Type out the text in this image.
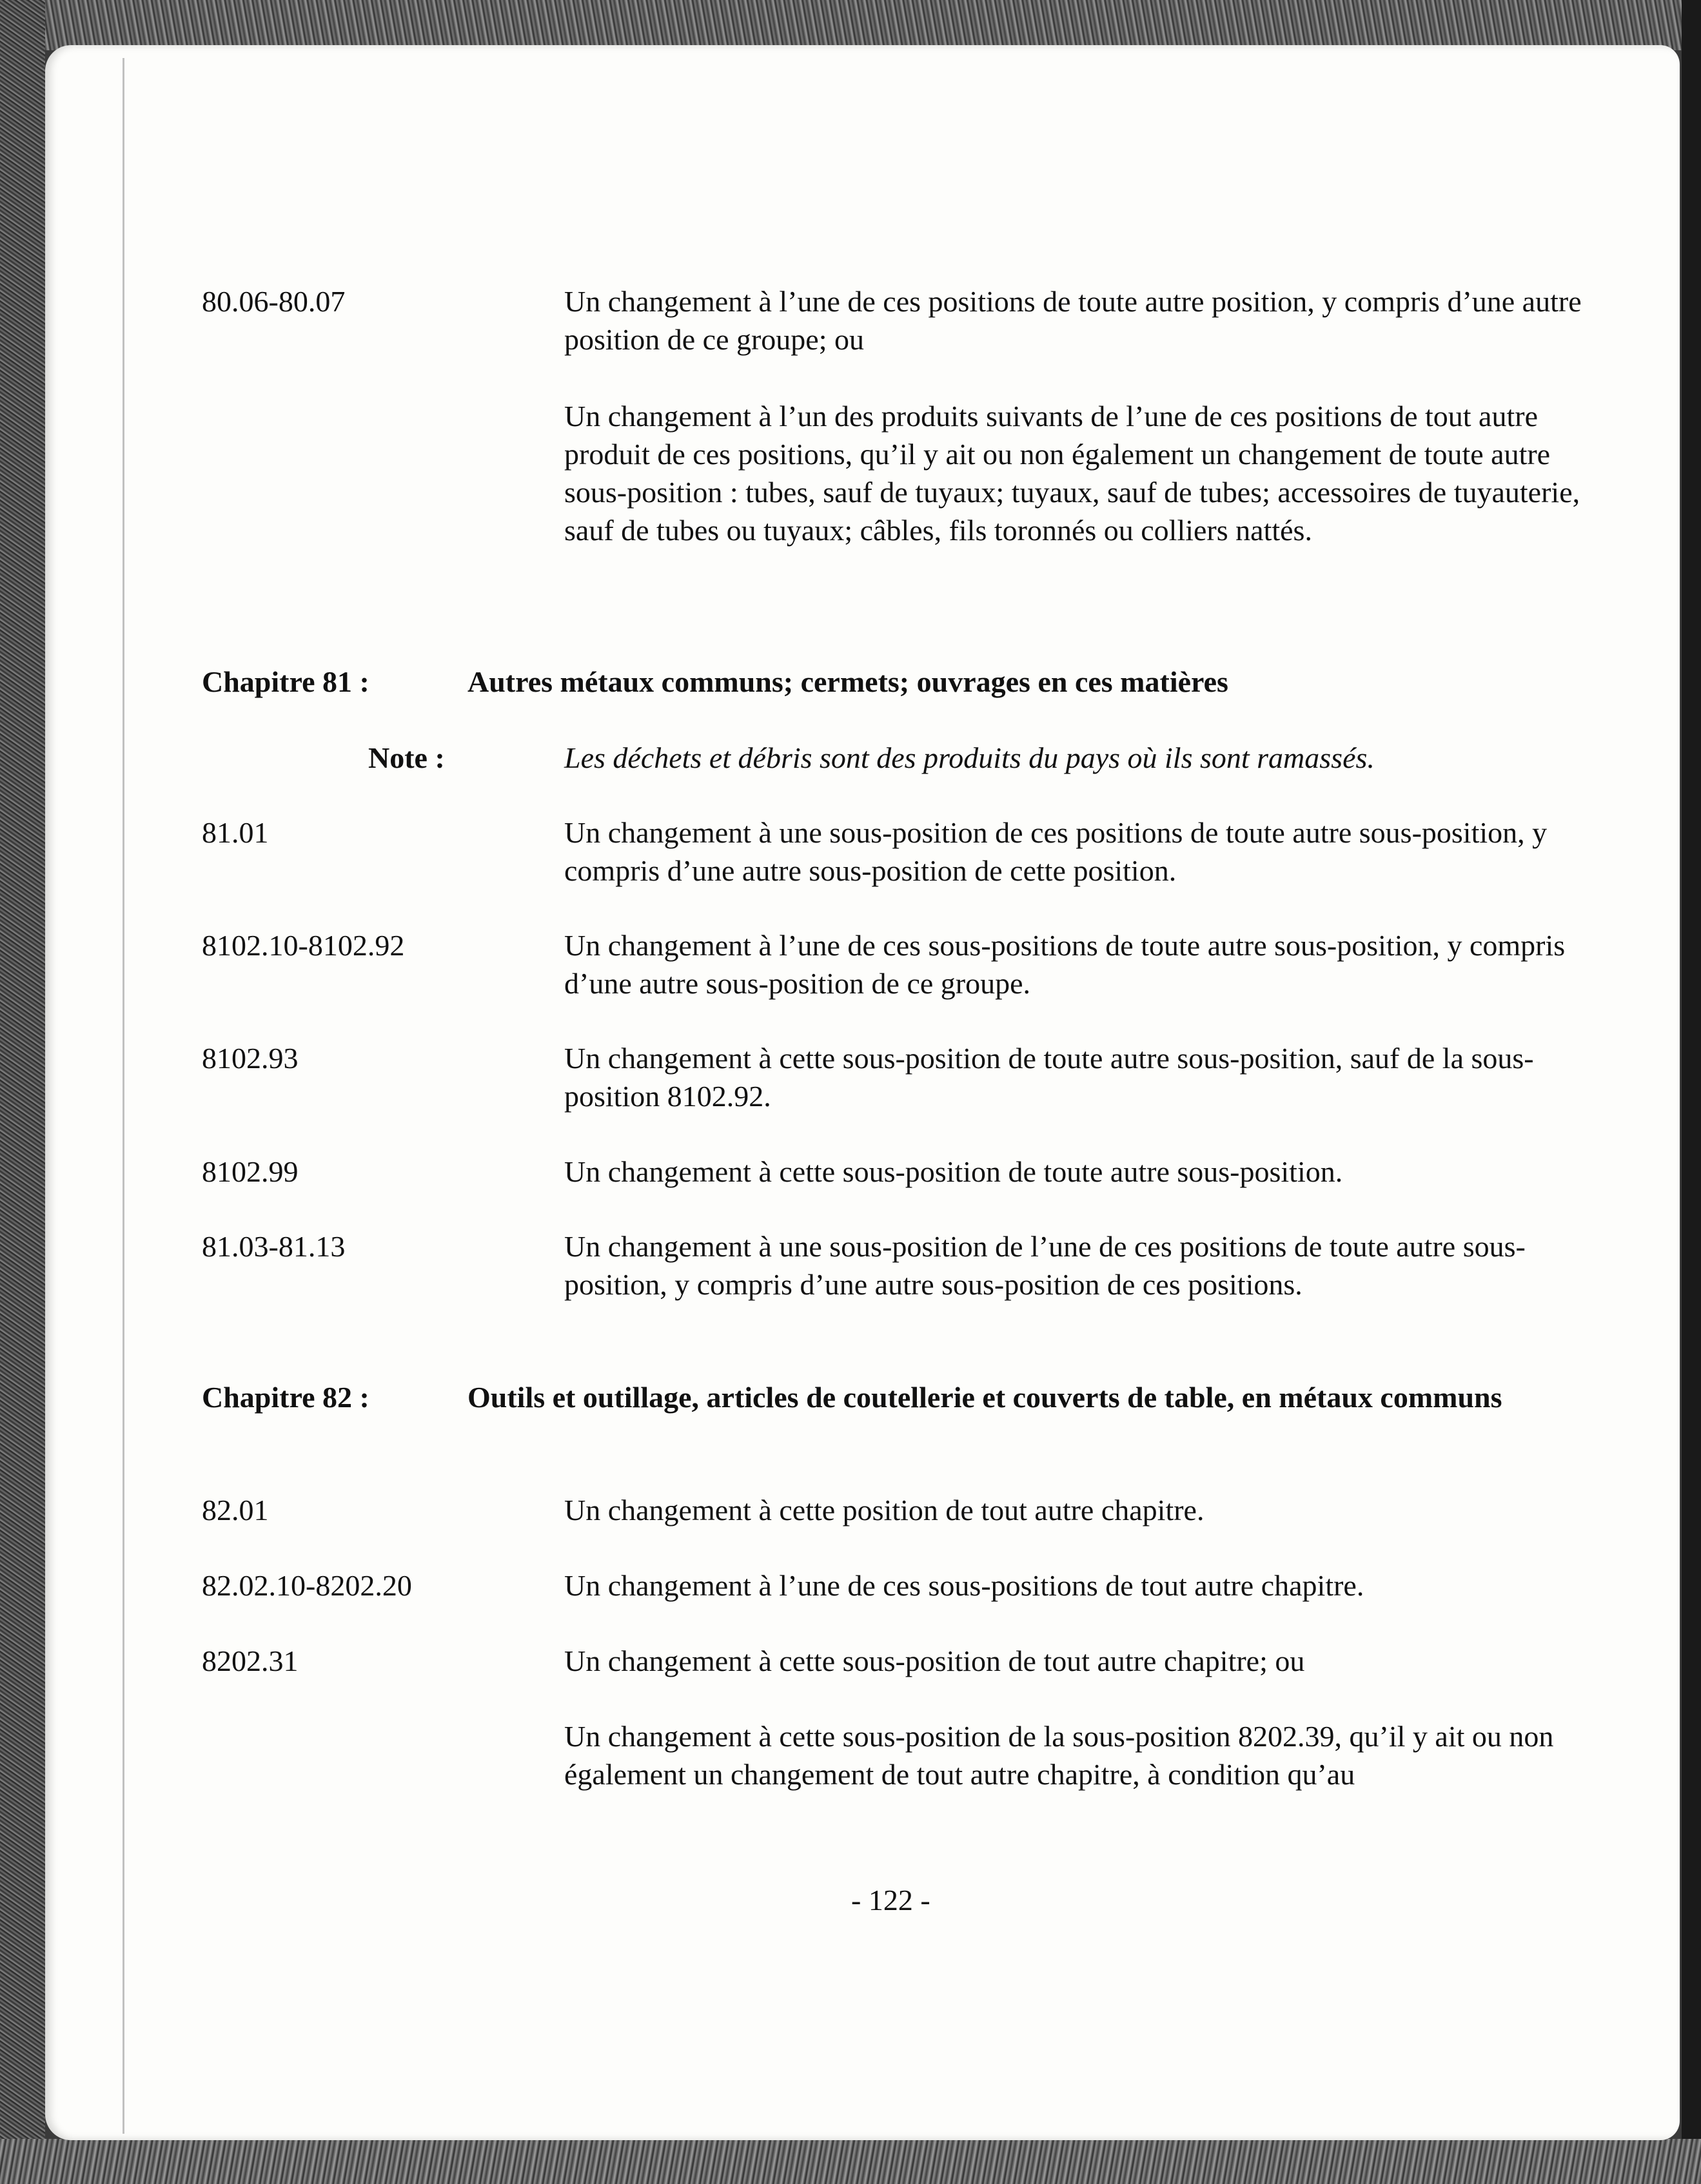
80.06-80.07	Un changement à l’une de ces positions de toute autre position, y compris d’une autre position de ce groupe; ou

Un changement à l’un des produits suivants de l’une de ces positions de tout autre produit de ces positions, qu’il y ait ou non également un changement de toute autre sous-position : tubes, sauf de tuyaux; tuyaux, sauf de tubes; accessoires de tuyauterie, sauf de tubes ou tuyaux; câbles, fils toronnés ou colliers nattés.

Chapitre 81 :	Autres métaux communs; cermets; ouvrages en ces matières
Note :	Les déchets et débris sont des produits du pays où ils sont ramassés.
81.01	Un changement à une sous-position de ces positions de toute autre sous-position, y compris d’une autre sous-position de cette position.
8102.10-8102.92	Un changement à l’une de ces sous-positions de toute autre sous-position, y compris d’une autre sous-position de ce groupe.
8102.93	Un changement à cette sous-position de toute autre sous-position, sauf de la sous-position 8102.92.
8102.99	Un changement à cette sous-position de toute autre sous-position.
81.03-81.13	Un changement à une sous-position de l’une de ces positions de toute autre sous-position, y compris d’une autre sous-position de ces positions.
Chapitre 82 :	Outils et outillage, articles de coutellerie et couverts de table, en métaux communs
82.01	Un changement à cette position de tout autre chapitre.
82.02.10-8202.20	Un changement à l’une de ces sous-positions de tout autre chapitre.
8202.31	Un changement à cette sous-position de tout autre chapitre; ou
Un changement à cette sous-position de la sous-position 8202.39, qu’il y ait ou non également un changement de tout autre chapitre, à condition qu’au
- 122 -
